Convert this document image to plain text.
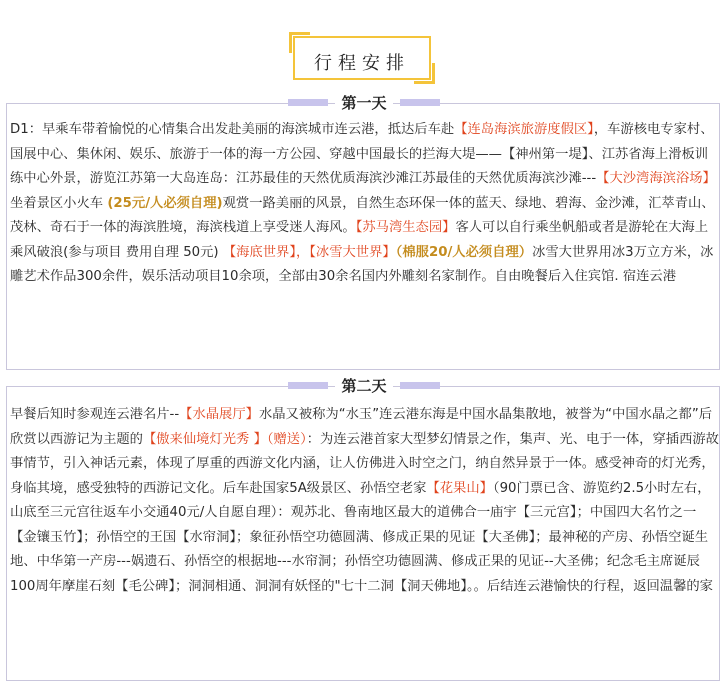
行程安排
第一天
D1：早乘车带着愉悦的心情集合出发赴美丽的海滨城市连云港，抵达后车赴【连岛海滨旅游度假区】，车游核电专家村、国展中心、集休闲、娱乐、旅游于一体的海一方公园、穿越中国最长的拦海大堤——【神州第一堤】、江苏省海上滑板训练中心外景，游览江苏第一大岛连岛：江苏最佳的天然优质海滨沙滩江苏最佳的天然优质海滨沙滩---【大沙湾海滨浴场】坐着景区小火车 (25元/人必须自理)观赏一路美丽的风景，自然生态环保一体的蓝天、绿地、碧海、金沙滩，汇萃青山、茂林、奇石于一体的海滨胜境，海滨栈道上享受迷人海风。【苏马湾生态园】客人可以自行乘坐帆船或者是游轮在大海上乘风破浪(参与项目 费用自理 50元) 【海底世界】，【冰雪大世界】（棉服20/人必须自理）冰雪大世界用冰3万立方米，冰雕艺术作品300余件，娱乐活动项目10余项，全部由30余名国内外雕刻名家制作。自由晚餐后入住宾馆. 宿连云港
第二天
早餐后知时参观连云港名片--【水晶展厅】水晶又被称为“水玉”连云港东海是中国水晶集散地，被誉为“中国水晶之都”后欣赏以西游记为主题的【傲来仙境灯光秀 】（赠送）：为连云港首家大型梦幻情景之作，集声、光、电于一体，穿插西游故事情节，引入神话元素，体现了厚重的西游文化内涵，让人仿佛进入时空之门，纳自然异景于一体。感受神奇的灯光秀，身临其境，感受独特的西游记文化。后车赴国家5A级景区、孙悟空老家【花果山】（90门票已含、游览约2.5小时左右，山底至三元宫往返车小交通40元/人自愿自理）：观苏北、鲁南地区最大的道佛合一庙宇【三元宫】；中国四大名竹之一【金镶玉竹】；孙悟空的王国【水帘洞】；象征孙悟空功德圆满、修成正果的见证【大圣佛】；最神秘的产房、孙悟空诞生地、中华第一产房---娲遗石、孙悟空的根据地---水帘洞；孙悟空功德圆满、修成正果的见证--大圣佛；纪念毛主席诞辰100周年摩崖石刻【毛公碑】；洞洞相通、洞洞有妖怪的"七十二洞【洞天佛地】。。后结连云港愉快的行程，返回温馨的家
